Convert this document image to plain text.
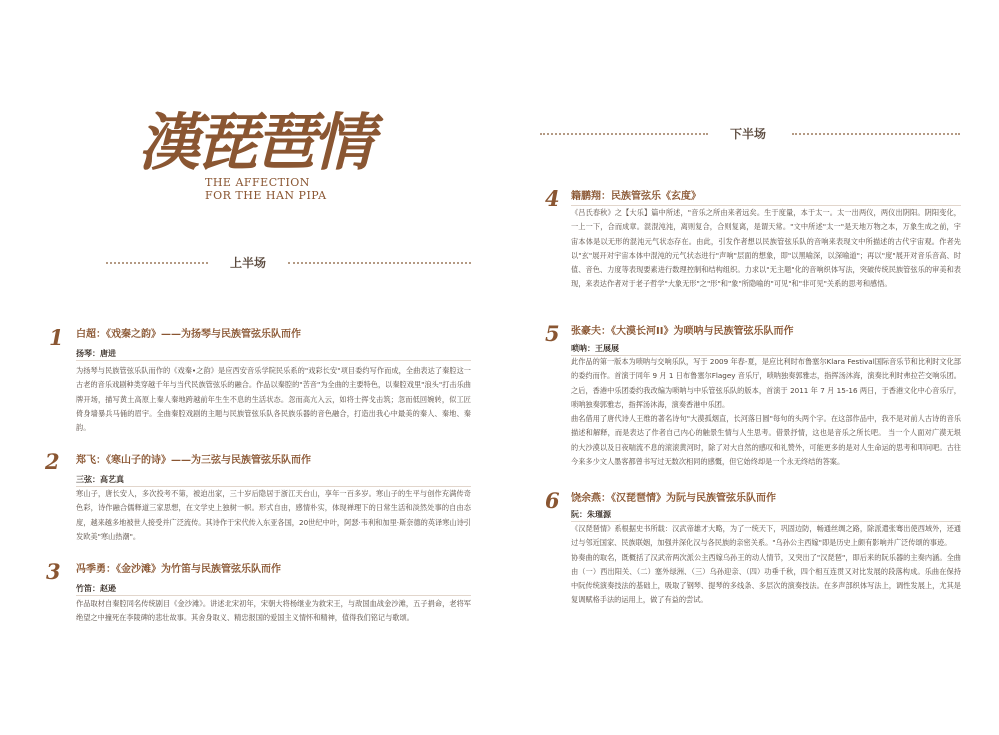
漢琵琶情
THE AFFECTION
FOR THE HAN PIPA
上半场
1 白超：《戏秦之韵》——为扬琴与民族管弦乐队而作
扬琴：唐进

为扬琴与民族管弦乐队而作的《戏秦•之韵》是应西安音乐学院民乐系的"戏彩长安"项目委约写作而成，全曲表达了秦腔这一古老的音乐戏剧种类穿越千年与当代民族管弦乐的融合。作品以秦腔的"苦音"为全曲的主要特色，以秦腔戏里"浪头"打击乐曲牌开场，描写黄土高原上秦人秦地跨越前年生生不息的生活状态。忽而高亢入云，如将士挥戈击筑；忽而低回婉转，似工匠倚身墙暴兵马俑的眉宇。全曲秦腔戏剧的主题与民族管弦乐队各民族乐器的音色融合，打造出我心中最美的秦人、秦地、秦韵。

2 郑飞：《寒山子的诗》——为三弦与民族管弦乐队而作
三弦：高艺真

寒山子，唐长安人，多次投考不第，被迫出家，三十岁后隐居于浙江天台山，享年一百多岁。寒山子的生平与创作充满传奇色彩，诗作融合儒释道三家思想，在文学史上独树一帜。形式自由，感情朴实，体现禅理下的日常生活和淡然处事的自由态度，越来越多地被世人接受并广泛流传。其诗作于宋代传入东亚各国，20世纪中叶，阿瑟·韦利和加里·斯奈德的英译寒山诗引发欧美"寒山热潮"。

3 冯季勇：《金沙滩》为竹笛与民族管弦乐队而作
竹笛：赵逊

作品取材自秦腔同名传统剧目《金沙滩》。讲述北宋初年，宋朝大将杨继业为救宋王，与敌国血战金沙滩，五子捐命，老将军绝望之中撞死在李陵碑的悲壮故事。其舍身取义、精忠报国的爱国主义情怀和精神，值得我们铭记与歌颂。

下半场
4 籍鹏翔：民族管弦乐《玄度》

《吕氏春秋》之【大乐】篇中所述，"音乐之所由来者远矣。生于度量，本于太一。太一出两仪，两仪出阴阳。阴阳变化，一上一下，合而成章。混混沌沌，离则复合，合则复离，是谓天常。"文中所述"太一"是天地万物之本，万象生成之前，宇宙本体是以无形的混沌元气状态存在。由此，引发作者想以民族管弦乐队的音响来表现文中所描述的古代宇宙观。作者先以"玄"展开对宇宙本体中混沌的元气状态进行"声响"层面的想象，即"以黑喻深，以深喻道"；再以"度"展开对音乐音高、时值、音色、力度等表现要素进行数理控制和结构组织。力求以"无主题"化的音响织体写法，突破传统民族管弦乐的审美和表现，来表达作者对于老子哲学"大象无形"之"形"和"象"所隐喻的"可见"和"非可见"关系的思考和感悟。

5 张豪夫：《大漠长河II》为唢呐与民族管弦乐队而作
唢呐：王展展

此作品的第一版本为唢呐与交响乐队，写于 2009 年春-夏，是应比利时布鲁塞尔Klara Festival国际音乐节和比利时文化部的委约而作。首演于同年 9 月 1 日布鲁塞尔Flagey 音乐厅，唢呐独奏郭雅志，指挥汤沐海，演奏比利时弗拉芒交响乐团。之后，香港中乐团委约我改编为唢呐与中乐管弦乐队的版本，首演于 2011 年 7 月 15-16 两日，于香港文化中心音乐厅，唢呐独奏郭雅志，指挥汤沐海，演奏香港中乐团。

曲名借用了唐代诗人王维的著名诗句"大漠孤烟直，长河落日圆"每句的头两个字。在这部作品中，我不是对前人古诗的音乐描述和解释，而是表达了作者自己内心的触景生情与人生思考。借景抒情，这也是音乐之所长吧。 当一个人面对广漠无垠的大沙漠以及日夜喘流不息的滚滚黄河时，除了对大自然的感叹和礼赞外，可能更多的是对人生命运的思考和叩问吧。古往今来多少文人墨客都曾书写过无数次相同的感慨，但它始终却是一个永无终结的答案。

6 饶余燕：《汉琵琶情》为阮与民族管弦乐队而作
阮：朱瑾源

《汉琵琶情》系根据史书所载：汉武帝雄才大略，为了一统天下，巩固边防，畅通丝绸之路，除派遣张骞出使西域外，还通过与邻近国家、民族联姻，加强并深化汉与各民族的亲密关系。"乌孙公主西嫁"即是历史上颇有影响并广泛传颂的事迹。

协奏曲的取名，既概括了汉武帝两次派公主西嫁乌孙王的动人情节，又突出了"汉琵琶"，即后来的阮乐器的主奏内涵。全曲由（一）西出阳关、（二）塞外绿洲、（三）乌孙迎亲、（四）功垂千秋，四个相互连贯又对比发展的段落构成。乐曲在保持中阮传统演奏技法的基础上，吸取了钢琴、提琴的多线条、多层次的演奏技法。在多声部织体写法上，调性发展上，尤其是复调赋格手法的运用上，做了有益的尝试。
